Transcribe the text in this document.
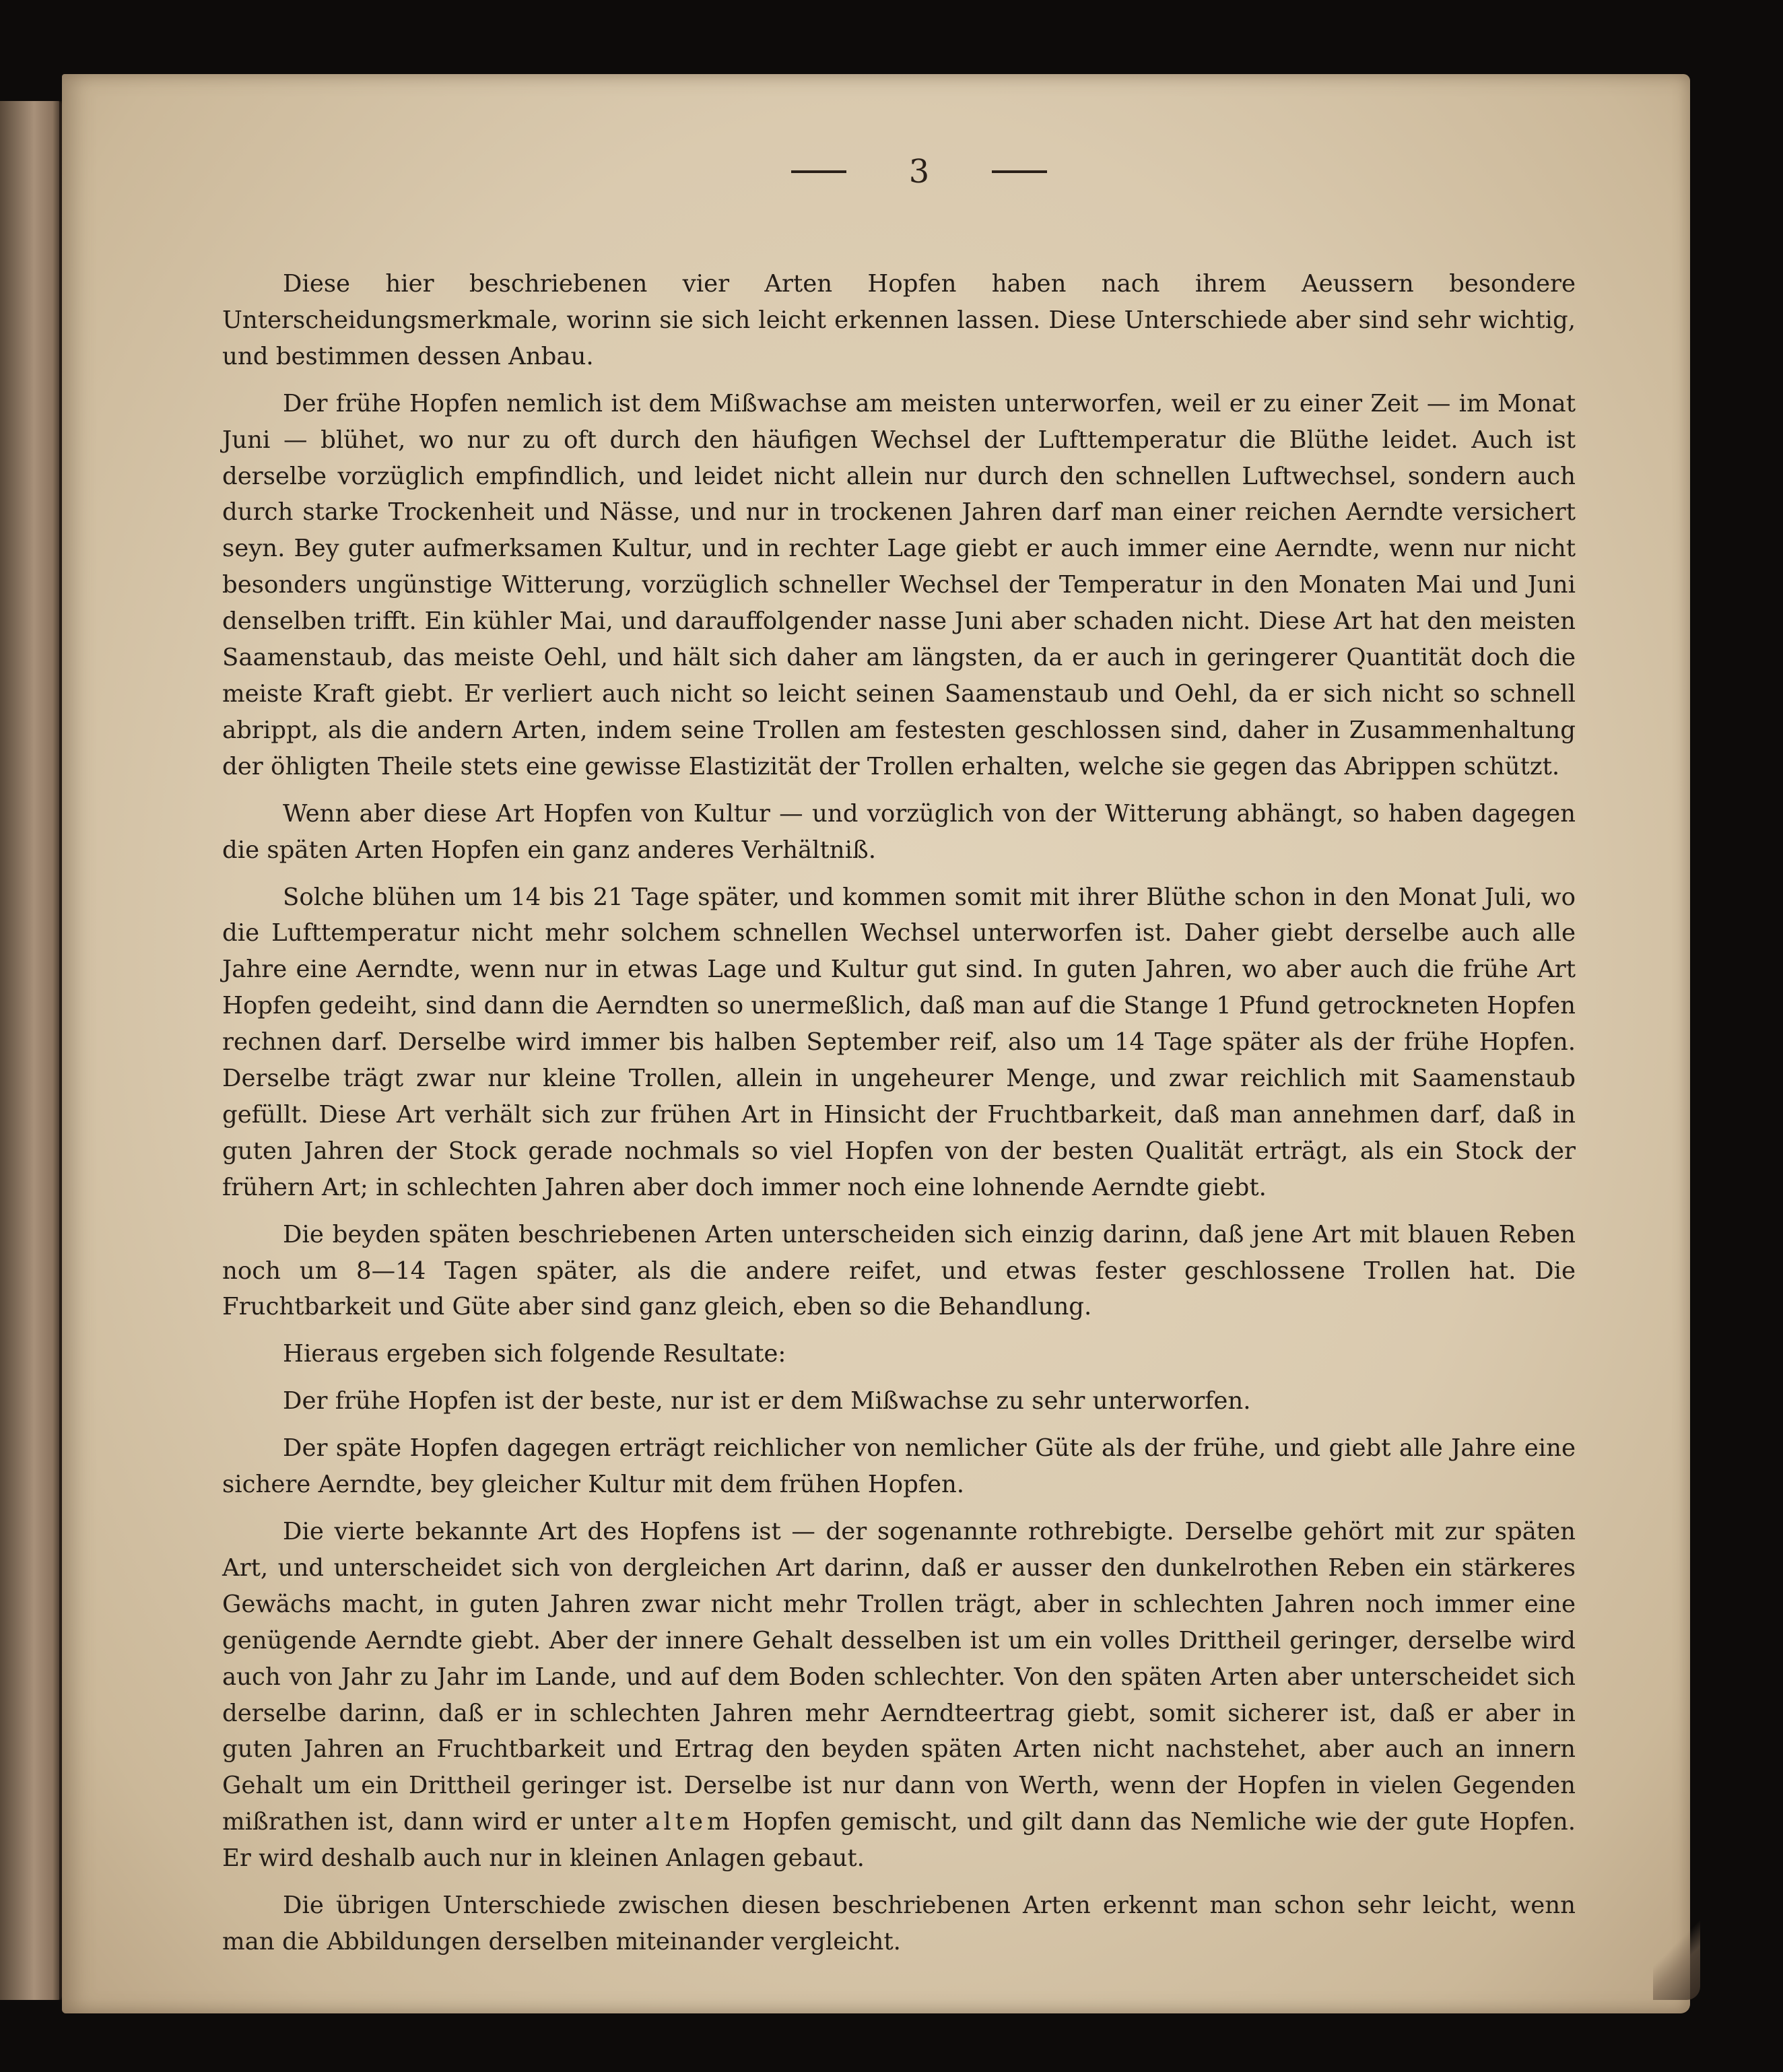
3

Diese hier beschriebenen vier Arten Hopfen haben nach ihrem Aeussern besondere Unterscheidungsmerkmale, worinn sie sich leicht erkennen lassen. Diese Unterschiede aber sind sehr wichtig, und bestimmen dessen Anbau.

Der frühe Hopfen nemlich ist dem Mißwachse am meisten unterworfen, weil er zu einer Zeit — im Monat Juni — blühet, wo nur zu oft durch den häufigen Wechsel der Lufttemperatur die Blüthe leidet. Auch ist derselbe vorzüglich empfindlich, und leidet nicht allein nur durch den schnellen Luftwechsel, sondern auch durch starke Trockenheit und Nässe, und nur in trockenen Jahren darf man einer reichen Aerndte versichert seyn. Bey guter aufmerksamen Kultur, und in rechter Lage giebt er auch immer eine Aerndte, wenn nur nicht besonders ungünstige Witterung, vorzüglich schneller Wechsel der Temperatur in den Monaten Mai und Juni denselben trifft. Ein kühler Mai, und darauffolgender nasse Juni aber schaden nicht. Diese Art hat den meisten Saamenstaub, das meiste Oehl, und hält sich daher am längsten, da er auch in geringerer Quantität doch die meiste Kraft giebt. Er verliert auch nicht so leicht seinen Saamenstaub und Oehl, da er sich nicht so schnell abrippt, als die andern Arten, indem seine Trollen am festesten geschlossen sind, daher in Zusammenhaltung der öhligten Theile stets eine gewisse Elastizität der Trollen erhalten, welche sie gegen das Abrippen schützt.

Wenn aber diese Art Hopfen von Kultur — und vorzüglich von der Witterung abhängt, so haben dagegen die späten Arten Hopfen ein ganz anderes Verhältniß.

Solche blühen um 14 bis 21 Tage später, und kommen somit mit ihrer Blüthe schon in den Monat Juli, wo die Lufttemperatur nicht mehr solchem schnellen Wechsel unterworfen ist. Daher giebt derselbe auch alle Jahre eine Aerndte, wenn nur in etwas Lage und Kultur gut sind. In guten Jahren, wo aber auch die frühe Art Hopfen gedeiht, sind dann die Aerndten so unermeßlich, daß man auf die Stange 1 Pfund getrockneten Hopfen rechnen darf. Derselbe wird immer bis halben September reif, also um 14 Tage später als der frühe Hopfen. Derselbe trägt zwar nur kleine Trollen, allein in ungeheurer Menge, und zwar reichlich mit Saamenstaub gefüllt. Diese Art verhält sich zur frühen Art in Hinsicht der Fruchtbarkeit, daß man annehmen darf, daß in guten Jahren der Stock gerade nochmals so viel Hopfen von der besten Qualität erträgt, als ein Stock der frühern Art; in schlechten Jahren aber doch immer noch eine lohnende Aerndte giebt.

Die beyden späten beschriebenen Arten unterscheiden sich einzig darinn, daß jene Art mit blauen Reben noch um 8—14 Tagen später, als die andere reifet, und etwas fester geschlossene Trollen hat. Die Fruchtbarkeit und Güte aber sind ganz gleich, eben so die Behandlung.

Hieraus ergeben sich folgende Resultate:

Der frühe Hopfen ist der beste, nur ist er dem Mißwachse zu sehr unterworfen.

Der späte Hopfen dagegen erträgt reichlicher von nemlicher Güte als der frühe, und giebt alle Jahre eine sichere Aerndte, bey gleicher Kultur mit dem frühen Hopfen.

Die vierte bekannte Art des Hopfens ist — der sogenannte rothrebigte. Derselbe gehört mit zur späten Art, und unterscheidet sich von dergleichen Art darinn, daß er ausser den dunkelrothen Reben ein stärkeres Gewächs macht, in guten Jahren zwar nicht mehr Trollen trägt, aber in schlechten Jahren noch immer eine genügende Aerndte giebt. Aber der innere Gehalt desselben ist um ein volles Drittheil geringer, derselbe wird auch von Jahr zu Jahr im Lande, und auf dem Boden schlechter. Von den späten Arten aber unterscheidet sich derselbe darinn, daß er in schlechten Jahren mehr Aerndteertrag giebt, somit sicherer ist, daß er aber in guten Jahren an Fruchtbarkeit und Ertrag den beyden späten Arten nicht nachstehet, aber auch an innern Gehalt um ein Drittheil geringer ist. Derselbe ist nur dann von Werth, wenn der Hopfen in vielen Gegenden mißrathen ist, dann wird er unter altem Hopfen gemischt, und gilt dann das Nemliche wie der gute Hopfen. Er wird deshalb auch nur in kleinen Anlagen gebaut.

Die übrigen Unterschiede zwischen diesen beschriebenen Arten erkennt man schon sehr leicht, wenn man die Abbildungen derselben miteinander vergleicht.
